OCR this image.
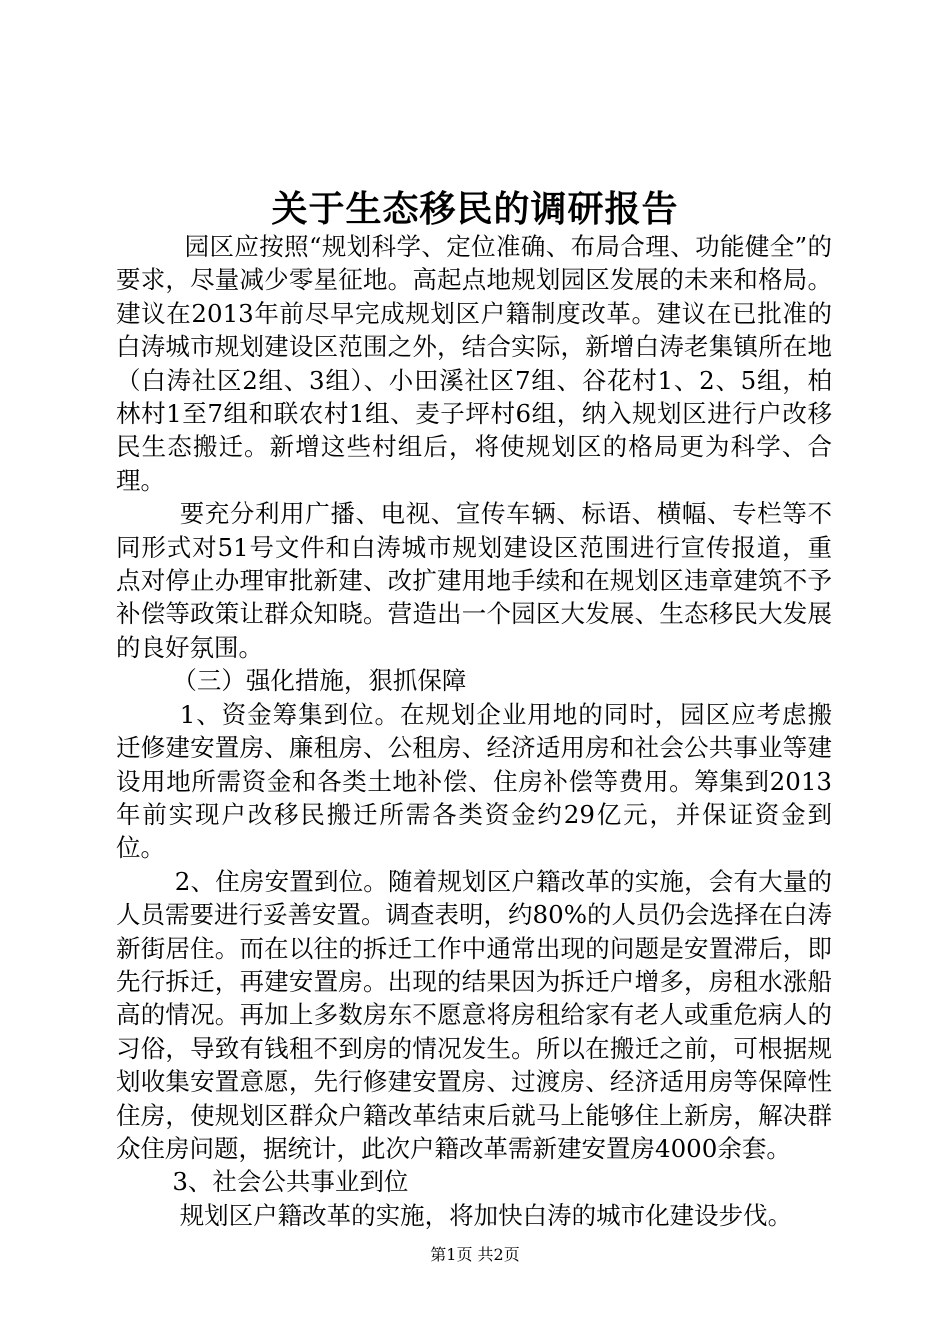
关于生态移民的调研报告

园区应按照“规划科学、定位准确、布局合理、功能健全”的要求，尽量减少零星征地。高起点地规划园区发展的未来和格局。建议在2013年前尽早完成规划区户籍制度改革。建议在已批准的白涛城市规划建设区范围之外，结合实际，新增白涛老集镇所在地（白涛社区2组、3组）、小田溪社区7组、谷花村1、2、5组，柏林村1至7组和联农村1组、麦子坪村6组，纳入规划区进行户改移民生态搬迁。新增这些村组后，将使规划区的格局更为科学、合理。

要充分利用广播、电视、宣传车辆、标语、横幅、专栏等不同形式对51号文件和白涛城市规划建设区范围进行宣传报道，重点对停止办理审批新建、改扩建用地手续和在规划区违章建筑不予补偿等政策让群众知晓。营造出一个园区大发展、生态移民大发展的良好氛围。

（三）强化措施，狠抓保障

1、资金筹集到位。在规划企业用地的同时，园区应考虑搬迁修建安置房、廉租房、公租房、经济适用房和社会公共事业等建设用地所需资金和各类土地补偿、住房补偿等费用。筹集到2013年前实现户改移民搬迁所需各类资金约29亿元，并保证资金到位。

2、住房安置到位。随着规划区户籍改革的实施，会有大量的人员需要进行妥善安置。调查表明，约80%的人员仍会选择在白涛新街居住。而在以往的拆迁工作中通常出现的问题是安置滞后，即先行拆迁，再建安置房。出现的结果因为拆迁户增多，房租水涨船高的情况。再加上多数房东不愿意将房租给家有老人或重危病人的习俗，导致有钱租不到房的情况发生。所以在搬迁之前，可根据规划收集安置意愿，先行修建安置房、过渡房、经济适用房等保障性住房，使规划区群众户籍改革结束后就马上能够住上新房，解决群众住房问题，据统计，此次户籍改革需新建安置房4000余套。

3、社会公共事业到位

规划区户籍改革的实施，将加快白涛的城市化建设步伐。

第1页 共2页
